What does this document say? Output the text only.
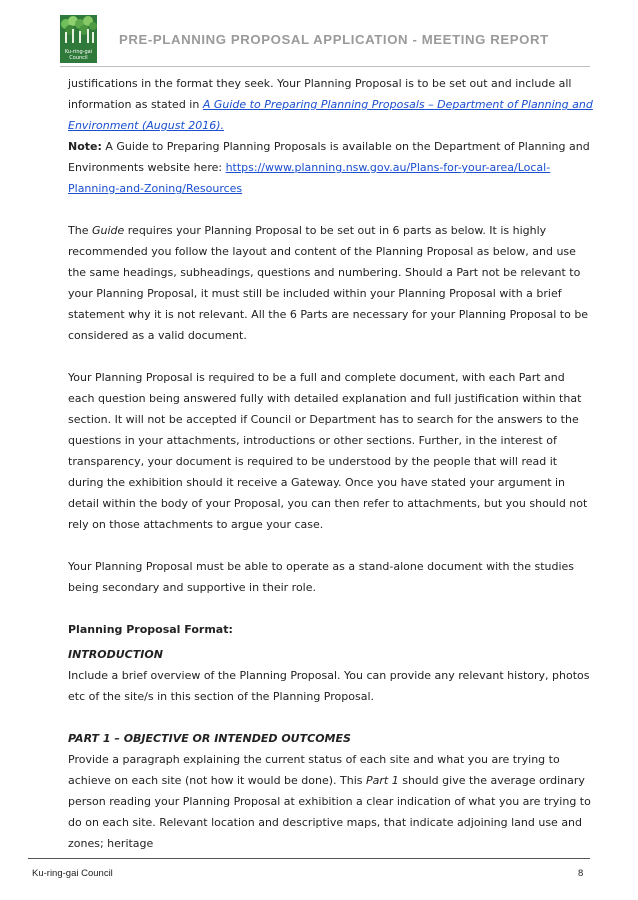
Ku-ring-gai
Council
PRE-PLANNING PROPOSAL APPLICATION - MEETING REPORT

justifications in the format they seek. Your Planning Proposal is to be set out and include all information as stated in A Guide to Preparing Planning Proposals – Department of Planning and Environment (August 2016).

Note: A Guide to Preparing Planning Proposals is available on the Department of Planning and Environments website here: https://www.planning.nsw.gov.au/Plans-for-your-area/Local-Planning-and-Zoning/Resources

The Guide requires your Planning Proposal to be set out in 6 parts as below. It is highly recommended you follow the layout and content of the Planning Proposal as below, and use the same headings, subheadings, questions and numbering. Should a Part not be relevant to your Planning Proposal, it must still be included within your Planning Proposal with a brief statement why it is not relevant. All the 6 Parts are necessary for your Planning Proposal to be considered as a valid document.

Your Planning Proposal is required to be a full and complete document, with each Part and each question being answered fully with detailed explanation and full justification within that section. It will not be accepted if Council or Department has to search for the answers to the questions in your attachments, introductions or other sections. Further, in the interest of transparency, your document is required to be understood by the people that will read it during the exhibition should it receive a Gateway. Once you have stated your argument in detail within the body of your Proposal, you can then refer to attachments, but you should not rely on those attachments to argue your case.

Your Planning Proposal must be able to operate as a stand-alone document with the studies being secondary and supportive in their role.

Planning Proposal Format:

INTRODUCTION

Include a brief overview of the Planning Proposal. You can provide any relevant history, photos etc of the site/s in this section of the Planning Proposal.

PART 1 – OBJECTIVE OR INTENDED OUTCOMES

Provide a paragraph explaining the current status of each site and what you are trying to achieve on each site (not how it would be done). This Part 1 should give the average ordinary person reading your Planning Proposal at exhibition a clear indication of what you are trying to do on each site. Relevant location and descriptive maps, that indicate adjoining land use and zones; heritage

Ku-ring-gai Council	8
